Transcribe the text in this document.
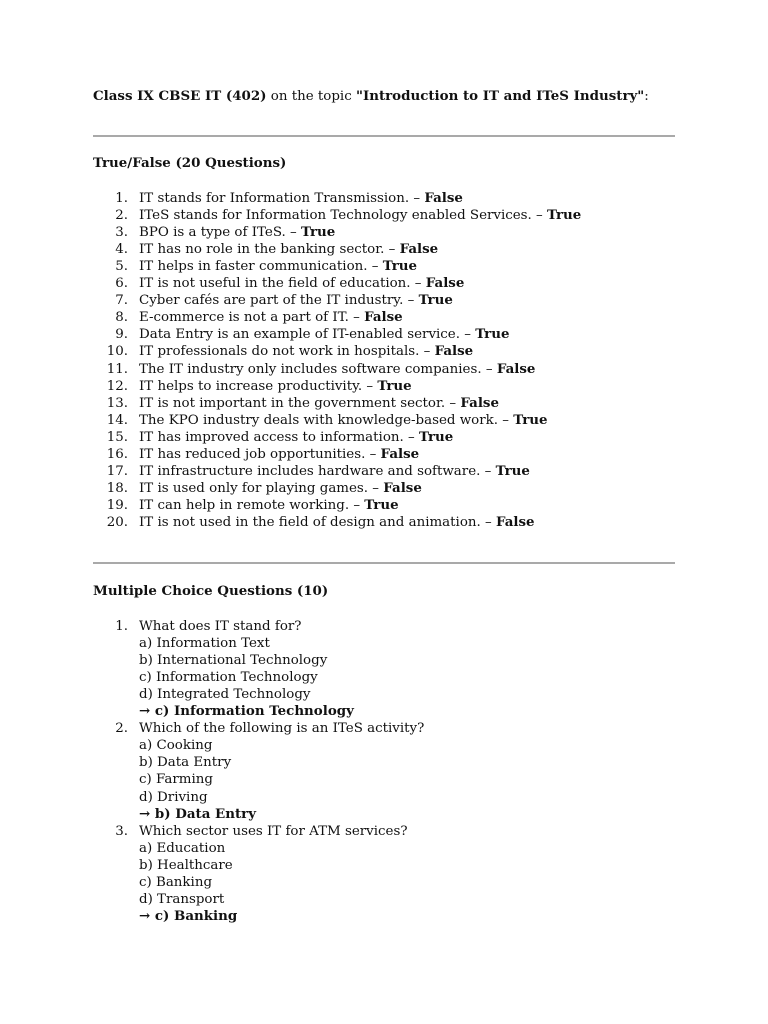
Class IX CBSE IT (402) on the topic "Introduction to IT and ITeS Industry":
True/False (20 Questions)
1. IT stands for Information Transmission. – False
2. ITeS stands for Information Technology enabled Services. – True
3. BPO is a type of ITeS. – True
4. IT has no role in the banking sector. – False
5. IT helps in faster communication. – True
6. IT is not useful in the field of education. – False
7. Cyber cafés are part of the IT industry. – True
8. E-commerce is not a part of IT. – False
9. Data Entry is an example of IT-enabled service. – True
10. IT professionals do not work in hospitals. – False
11. The IT industry only includes software companies. – False
12. IT helps to increase productivity. – True
13. IT is not important in the government sector. – False
14. The KPO industry deals with knowledge-based work. – True
15. IT has improved access to information. – True
16. IT has reduced job opportunities. – False
17. IT infrastructure includes hardware and software. – True
18. IT is used only for playing games. – False
19. IT can help in remote working. – True
20. IT is not used in the field of design and animation. – False
Multiple Choice Questions (10)
1. What does IT stand for?
a) Information Text
b) International Technology
c) Information Technology
d) Integrated Technology
→ c) Information Technology
2. Which of the following is an ITeS activity?
a) Cooking
b) Data Entry
c) Farming
d) Driving
→ b) Data Entry
3. Which sector uses IT for ATM services?
a) Education
b) Healthcare
c) Banking
d) Transport
→ c) Banking
